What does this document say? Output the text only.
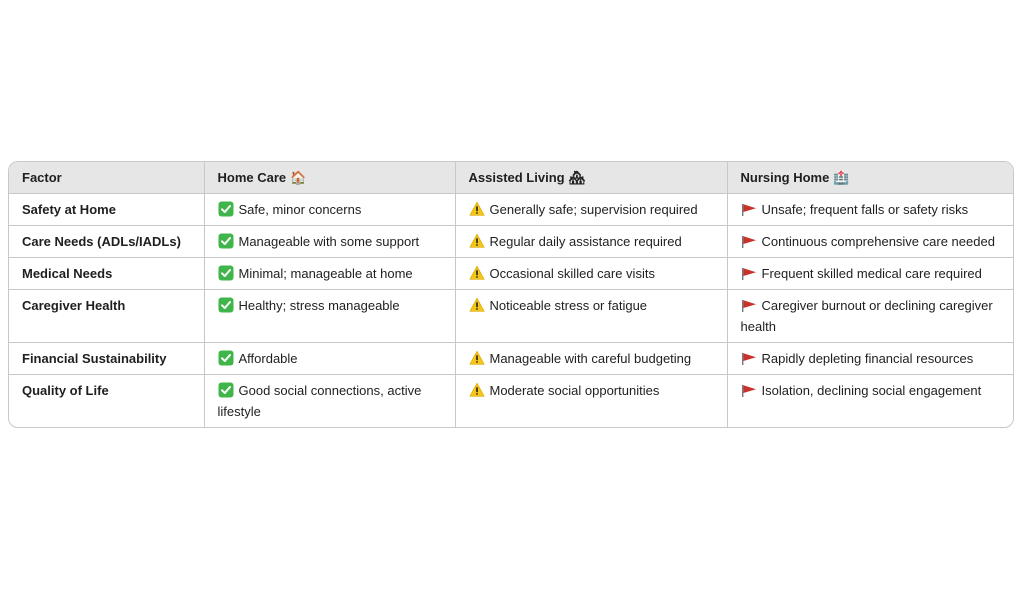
Factor	Home Care 🏠	Assisted Living 🏘	Nursing Home 🏥
Safety at Home	Safe, minor concerns	Generally safe; supervision required	Unsafe; frequent falls or safety risks
Care Needs (ADLs/IADLs)	Manageable with some support	Regular daily assistance required	Continuous comprehensive care needed
Medical Needs	Minimal; manageable at home	Occasional skilled care visits	Frequent skilled medical care required
Caregiver Health	Healthy; stress manageable	Noticeable stress or fatigue	Caregiver burnout or declining caregiver health
Financial Sustainability	Affordable	Manageable with careful budgeting	Rapidly depleting financial resources
Quality of Life	Good social connections, active lifestyle	Moderate social opportunities	Isolation, declining social engagement
